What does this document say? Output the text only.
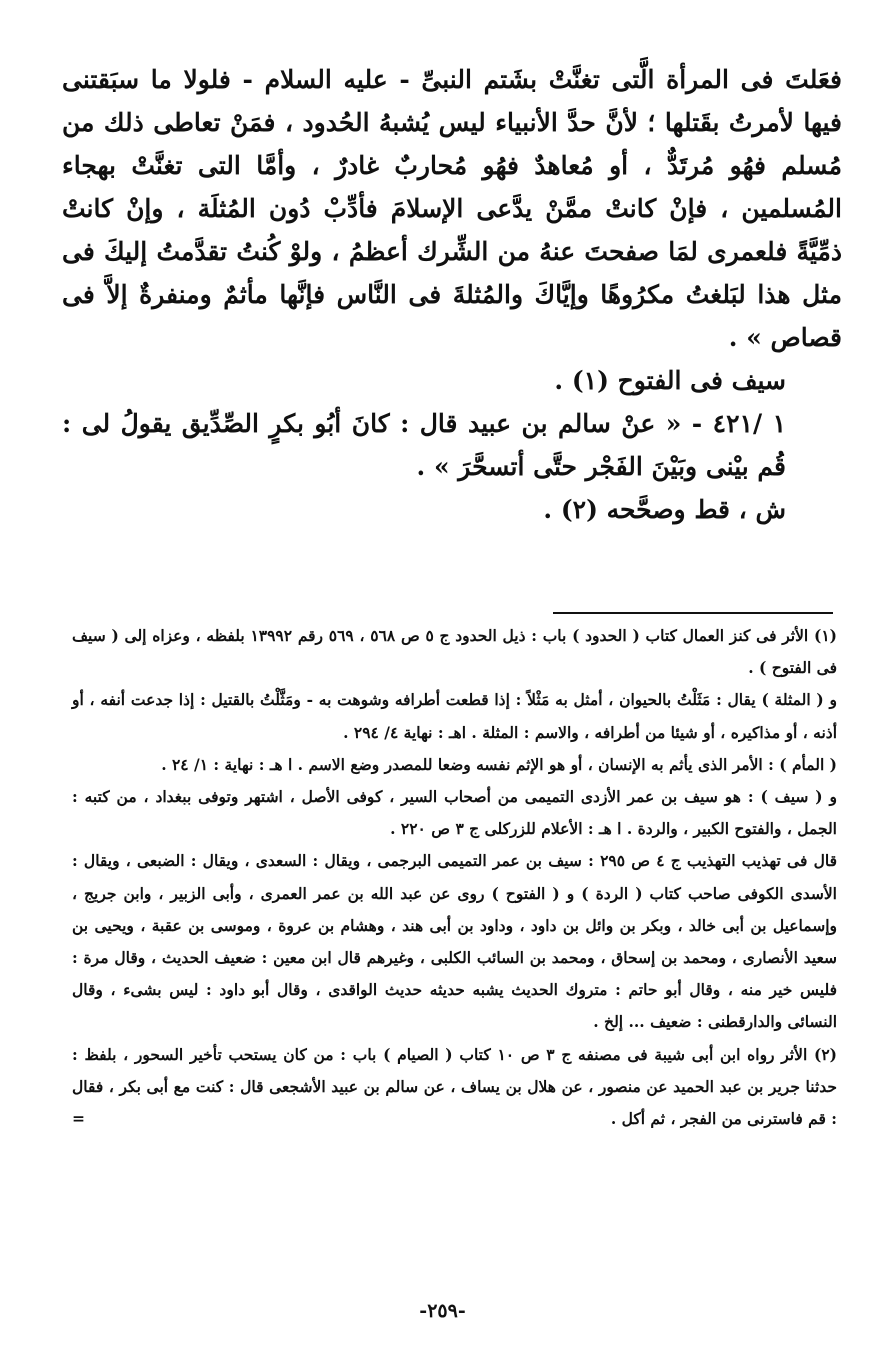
فعَلتَ فى المرأة الَّتى تغنَّتْ بشَتم النبىِّ - عليه السلام - فلولا ما سبَقتنى فيها لأمرتُ بقَتلها ؛ لأنَّ حدَّ الأنبياء ليس يُشبهُ الحُدود ، فمَنْ تعاطى ذلك من مُسلم فهُو مُرتَدٌّ ، أو مُعاهدٌ فهُو مُحاربٌ غادرٌ ، وأمَّا التى تغنَّتْ بهجاء المُسلمين ، فإنْ كانتْ ممَّنْ يدَّعى الإسلامَ فأدِّبْ دُون المُثلَة ، وإنْ كانتْ ذمِّيَّةً فلعمرى لمَا صفحتَ عنهُ من الشِّرك أعظمُ ، ولوْ كُنتُ تقدَّمتُ إليكَ فى مثل هذا لبَلغتُ مكرُوهًا وإيَّاكَ والمُثلةَ فى النَّاس فإنَّها مأثمٌ ومنفرةٌ إلاَّ فى قصاص » .

سيف فى الفتوح (١) .

١ /٤٢١ - « عنْ سالم بن عبيد قال : كانَ أبُو بكرٍ الصِّدِّيق يقولُ لى : قُم بيْنى وبَيْنَ الفَجْر حتَّى أتسحَّرَ » .

ش ، قط وصحَّحه (٢) .

(١) الأثر فى كنز العمال كتاب ( الحدود ) باب : ذيل الحدود ج ٥ ص ٥٦٨ ، ٥٦٩ رقم ١٣٩٩٢ بلفظه ، وعزاه إلى ( سيف فى الفتوح ) .

و ( المثلة ) يقال : مَثَلْتُ بالحيوان ، أمثل به مَثْلاً : إذا قطعت أطرافه وشوهت به - ومَثَّلْتُ بالقتيل : إذا جدعت أنفه ، أو أذنه ، أو مذاكيره ، أو شيئا من أطرافه ، والاسم : المثلة . اهـ : نهاية ٤/ ٢٩٤ .

( المأم ) : الأمر الذى يأثم به الإنسان ، أو هو الإثم نفسه وضعا للمصدر وضع الاسم . ا هـ : نهاية : ١/ ٢٤ .

و ( سيف ) : هو سيف بن عمر الأزدى التميمى من أصحاب السير ، كوفى الأصل ، اشتهر وتوفى ببغداد ، من كتبه : الجمل ، والفتوح الكبير ، والردة . ا هـ : الأعلام للزركلى ج ٣ ص ٢٢٠ .

قال فى تهذيب التهذيب ج ٤ ص ٢٩٥ : سيف بن عمر التميمى البرجمى ، ويقال : السعدى ، ويقال : الضبعى ، ويقال : الأسدى الكوفى صاحب كتاب ( الردة ) و ( الفتوح ) روى عن عبد الله بن عمر العمرى ، وأبى الزبير ، وابن جريج ، وإسماعيل بن أبى خالد ، وبكر بن وائل بن داود ، وداود بن أبى هند ، وهشام بن عروة ، وموسى بن عقبة ، ويحيى بن سعيد الأنصارى ، ومحمد بن إسحاق ، ومحمد بن السائب الكلبى ، وغيرهم قال ابن معين : ضعيف الحديث ، وقال مرة : فليس خير منه ، وقال أبو حاتم : متروك الحديث يشبه حديثه حديث الواقدى ، وقال أبو داود : ليس بشىء ، وقال النسائى والدارقطنى : ضعيف ... إلخ .

(٢) الأثر رواه ابن أبى شيبة فى مصنفه ج ٣ ص ١٠ كتاب ( الصيام ) باب : من كان يستحب تأخير السحور ، بلفظ : حدثنا جرير بن عبد الحميد عن منصور ، عن هلال بن يساف ، عن سالم بن عبيد الأشجعى قال : كنت مع أبى بكر ، فقال : قم فاسترنى من الفجر ، ثم أكل .
=

-٢٥٩-
